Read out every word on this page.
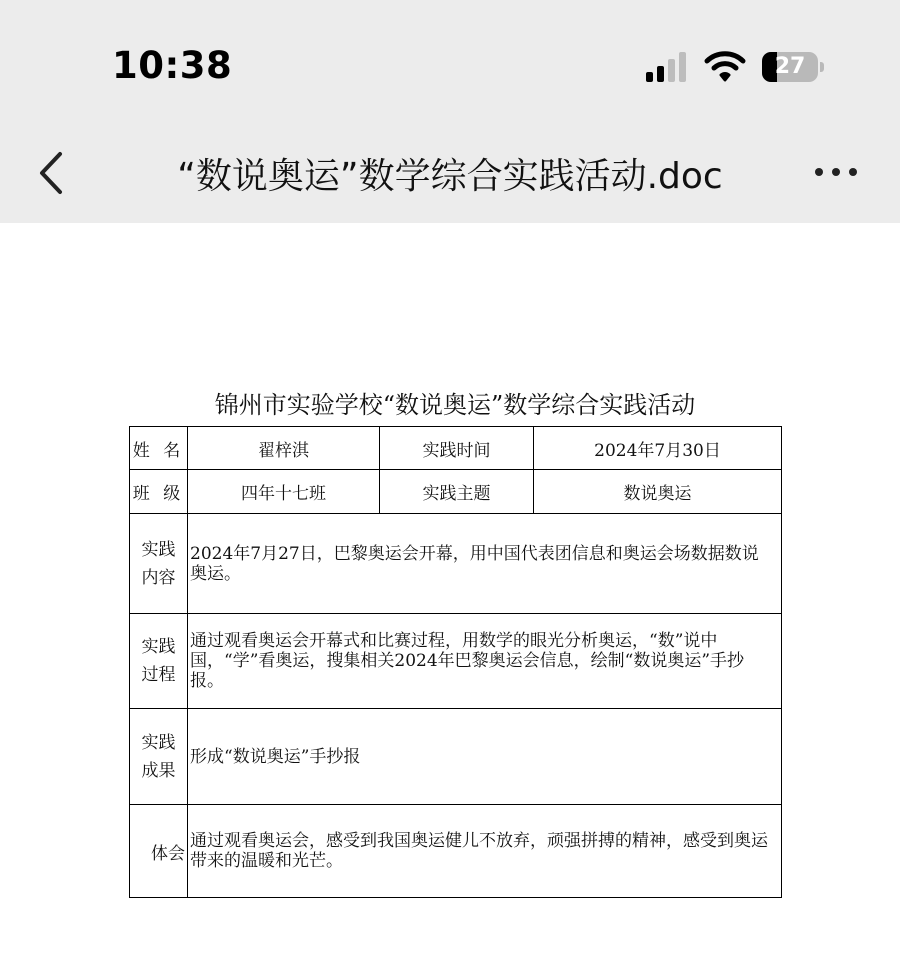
10:38	27
“数说奥运”数学综合实践活动.doc
锦州市实验学校“数说奥运”数学综合实践活动
姓 名	翟梓淇	实践时间	2024年7月30日
班 级	四年十七班	实践主题	数说奥运
实践
内容	2024年7月27日，巴黎奥运会开幕，用中国代表团信息和奥运会场数据数说奥运。		
实践
过程	通过观看奥运会开幕式和比赛过程，用数学的眼光分析奥运，“数”说中国，“学”看奥运，搜集相关2024年巴黎奥运会信息，绘制“数说奥运”手抄报。		
实践
成果	形成“数说奥运”手抄报		
体会	通过观看奥运会，感受到我国奥运健儿不放弃，顽强拼搏的精神，感受到奥运带来的温暖和光芒。		
